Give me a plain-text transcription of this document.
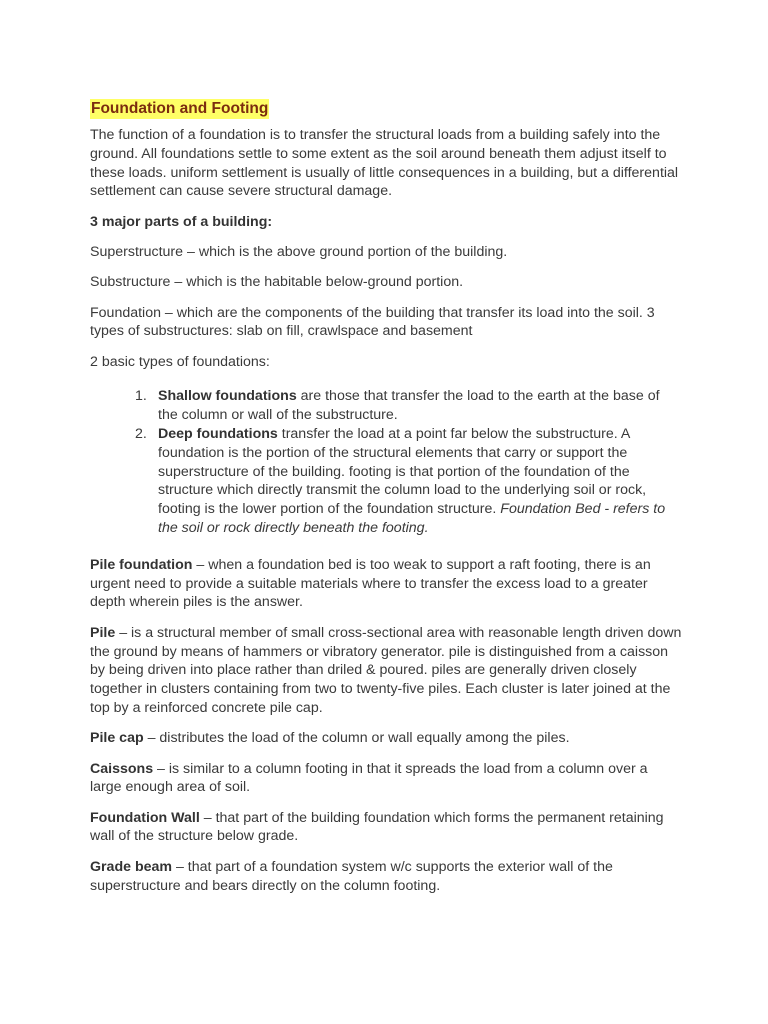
Foundation and Footing

The function of a foundation is to transfer the structural loads from a building safely into the ground. All foundations settle to some extent as the soil around beneath them adjust itself to these loads. uniform settlement is usually of little consequences in a building, but a differential settlement can cause severe structural damage.

3 major parts of a building:

Superstructure – which is the above ground portion of the building.

Substructure – which is the habitable below-ground portion.

Foundation – which are the components of the building that transfer its load into the soil. 3 types of substructures: slab on fill, crawlspace and basement

2 basic types of foundations:

1. Shallow foundations are those that transfer the load to the earth at the base of the column or wall of the substructure.
2. Deep foundations transfer the load at a point far below the substructure. A foundation is the portion of the structural elements that carry or support the superstructure of the building. footing is that portion of the foundation of the structure which directly transmit the column load to the underlying soil or rock, footing is the lower portion of the foundation structure. Foundation Bed - refers to the soil or rock directly beneath the footing.

Pile foundation – when a foundation bed is too weak to support a raft footing, there is an urgent need to provide a suitable materials where to transfer the excess load to a greater depth wherein piles is the answer.

Pile – is a structural member of small cross-sectional area with reasonable length driven down the ground by means of hammers or vibratory generator. pile is distinguished from a caisson by being driven into place rather than driled & poured. piles are generally driven closely together in clusters containing from two to twenty-five piles. Each cluster is later joined at the top by a reinforced concrete pile cap.

Pile cap – distributes the load of the column or wall equally among the piles.

Caissons – is similar to a column footing in that it spreads the load from a column over a large enough area of soil.

Foundation Wall – that part of the building foundation which forms the permanent retaining wall of the structure below grade.

Grade beam – that part of a foundation system w/c supports the exterior wall of the superstructure and bears directly on the column footing.
